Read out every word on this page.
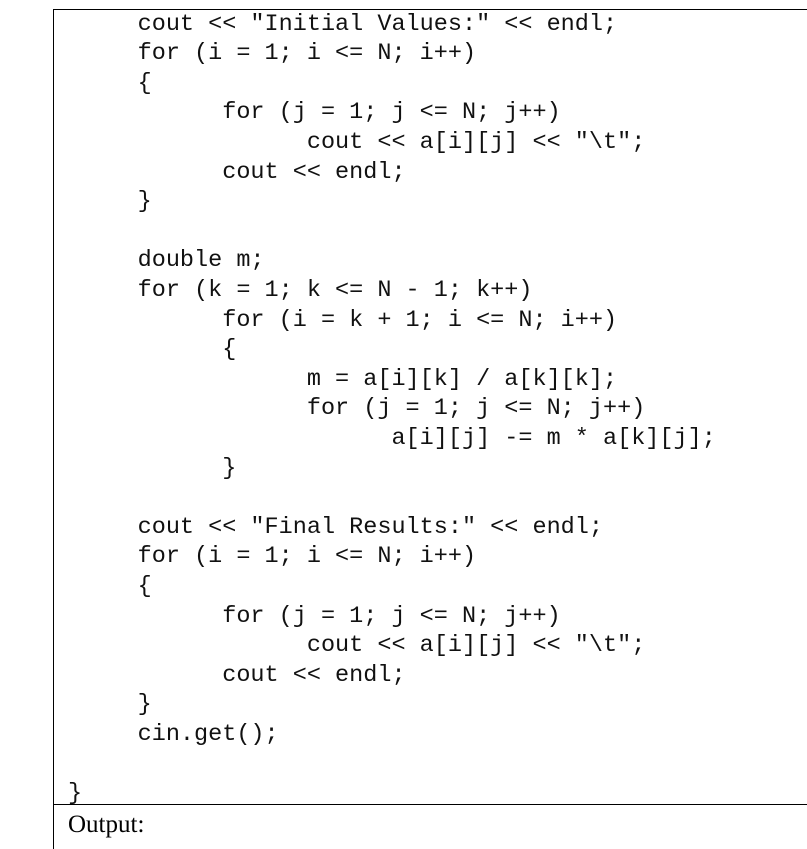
cout << "Initial Values:" << endl;
for (i = 1; i <= N; i++)
{
for (j = 1; j <= N; j++)
cout << a[i][j] << "\t";
cout << endl;
}
double m;
for (k = 1; k <= N - 1; k++)
for (i = k + 1; i <= N; i++)
{
m = a[i][k] / a[k][k];
for (j = 1; j <= N; j++)
a[i][j] -= m * a[k][j];
}
cout << "Final Results:" << endl;
for (i = 1; i <= N; i++)
{
for (j = 1; j <= N; j++)
cout << a[i][j] << "\t";
cout << endl;
}
cin.get();
}
Output:
